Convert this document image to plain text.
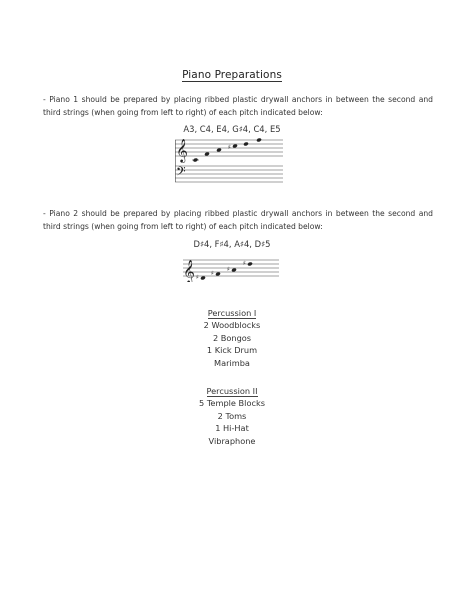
Piano Preparations
- Piano 1 should be prepared by placing ribbed plastic drywall anchors in between the second and third strings (when going from left to right) of each pitch indicated below:
A3, C4, E4, G♯4, C4, E5
𝄞
𝄢
♯
- Piano 2 should be prepared by placing ribbed plastic drywall anchors in between the second and third strings (when going from left to right) of each pitch indicated below:
D♯4, F♯4, A♯4, D♯5
𝄞 ♯
♯
♯
♯
Percussion I
2 Woodblocks
2 Bongos
1 Kick Drum
Marimba
Percussion II
5 Temple Blocks
2 Toms
1 Hi-Hat
Vibraphone
